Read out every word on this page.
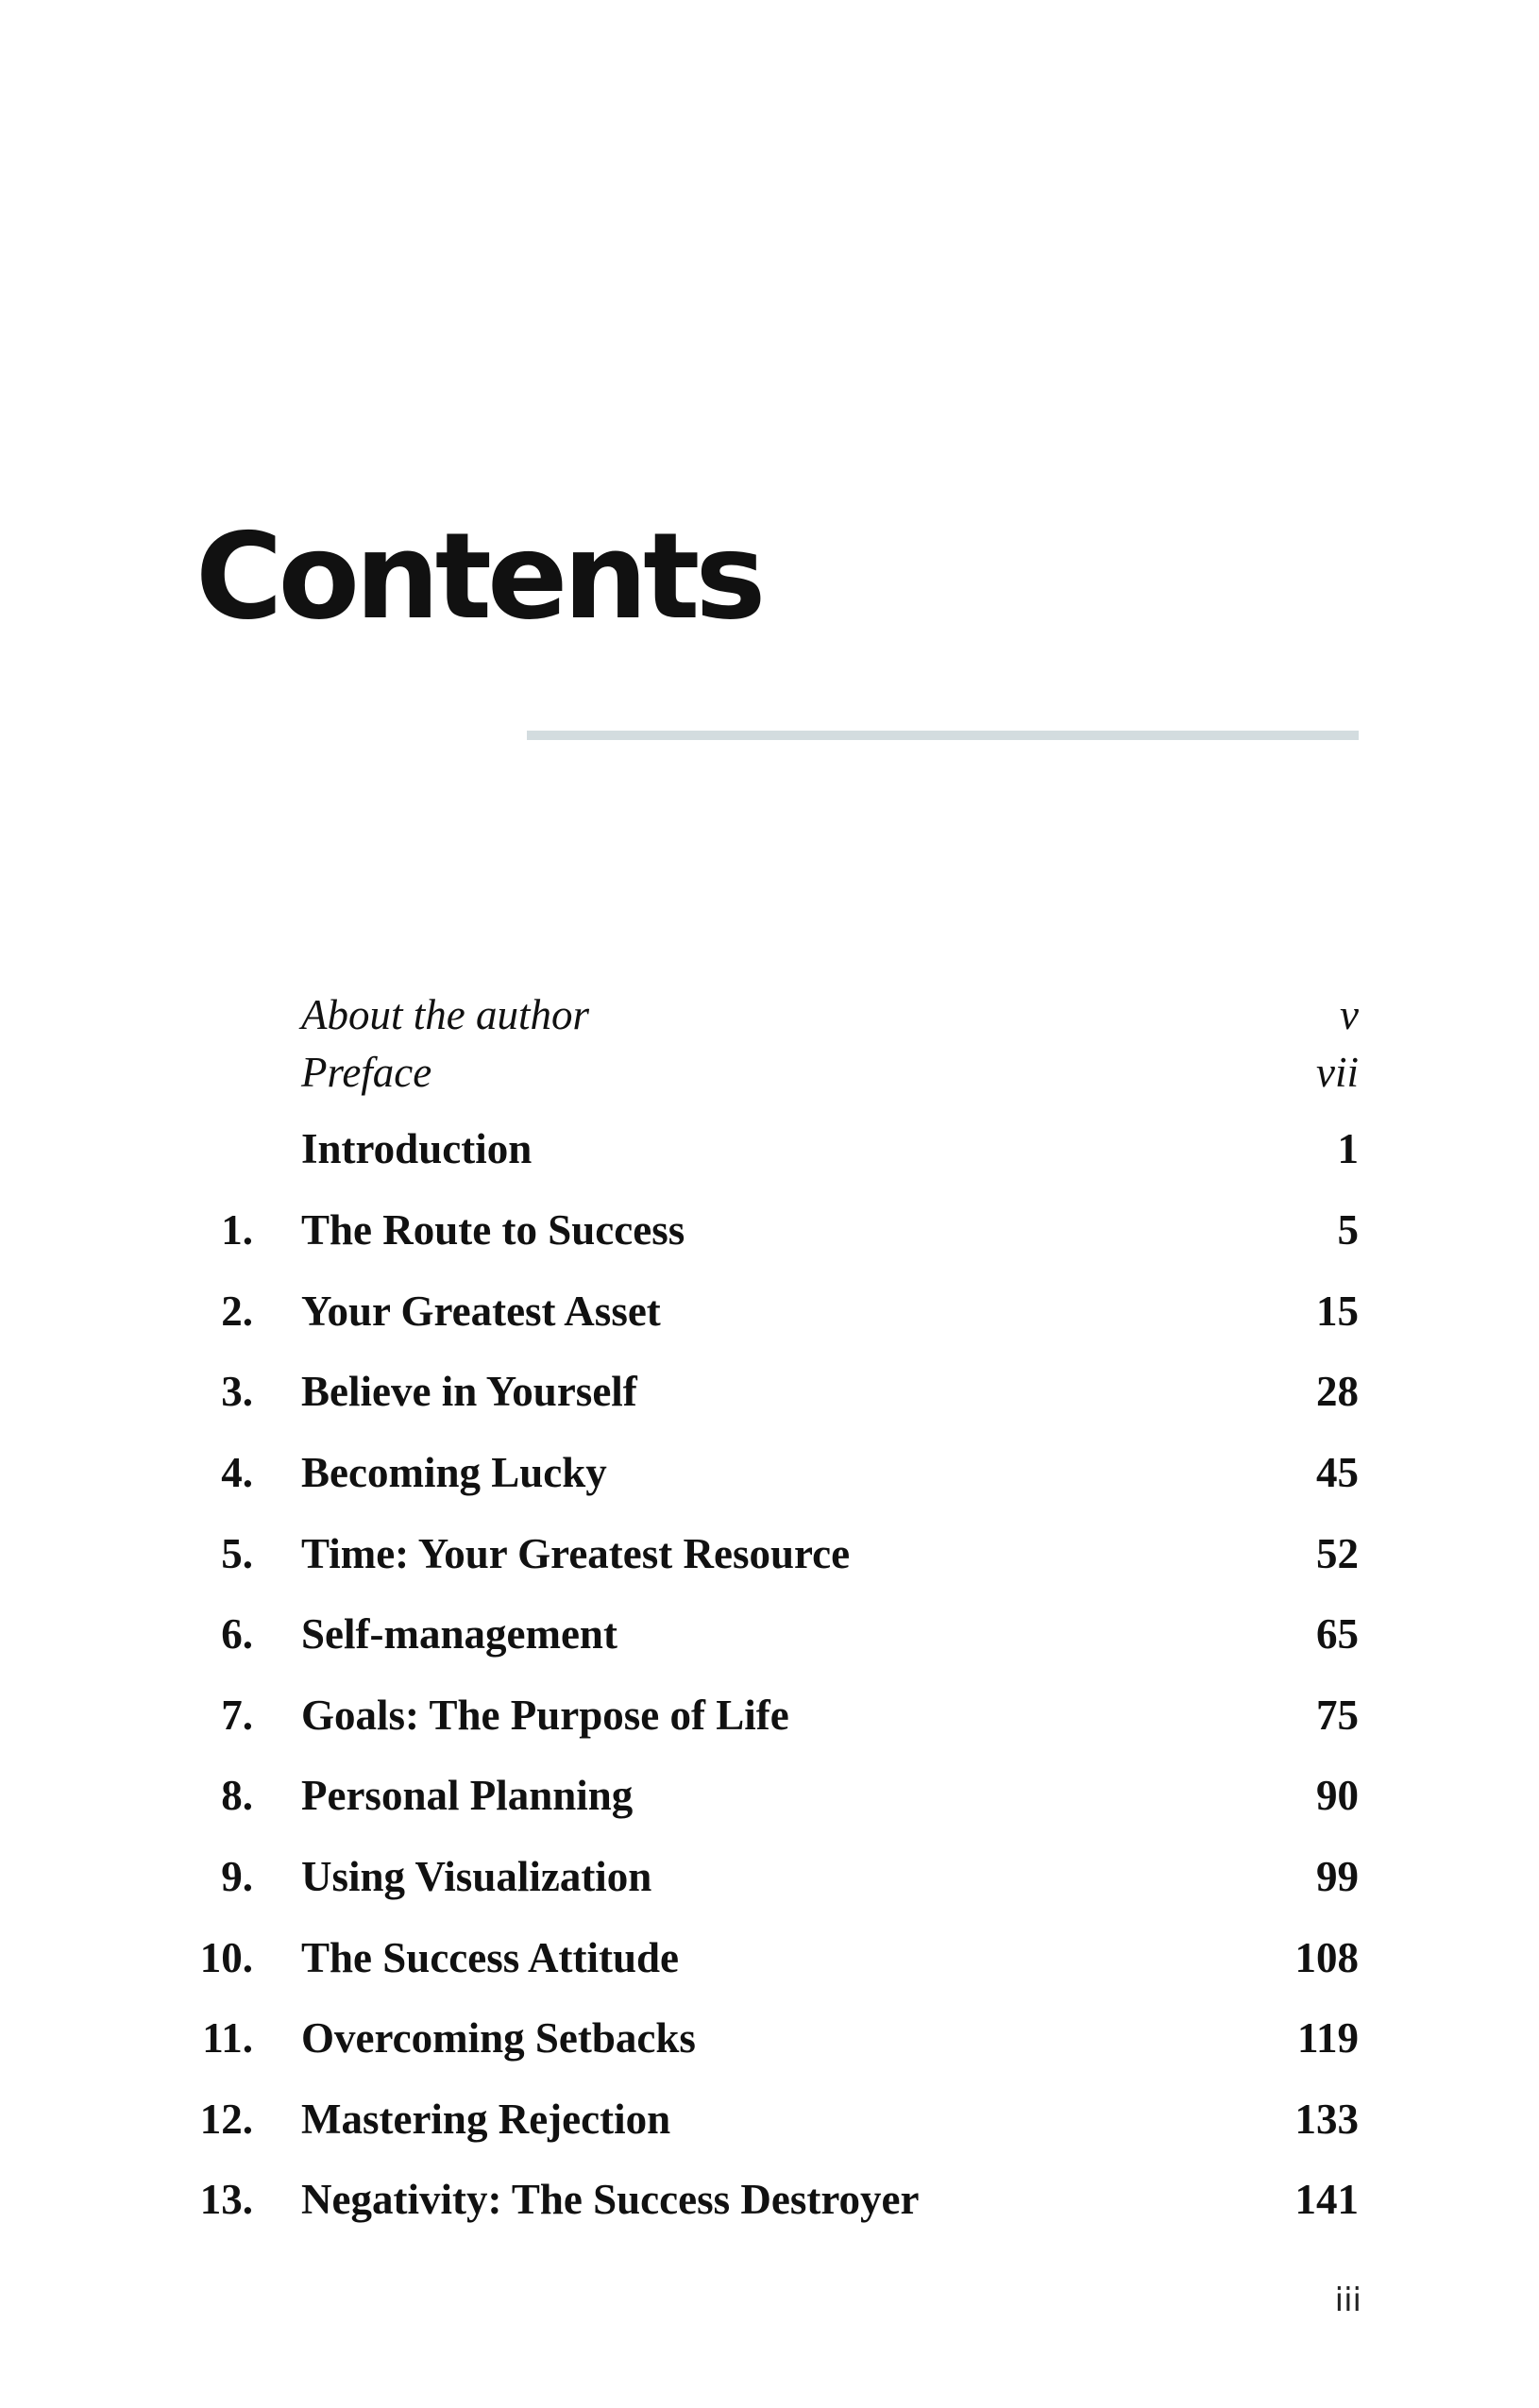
Contents
About the author	v
Preface	vii
Introduction	1
1. The Route to Success	5
2. Your Greatest Asset	15
3. Believe in Yourself	28
4. Becoming Lucky	45
5. Time: Your Greatest Resource	52
6. Self-management	65
7. Goals: The Purpose of Life	75
8. Personal Planning	90
9. Using Visualization	99
10. The Success Attitude	108
11. Overcoming Setbacks	119
12. Mastering Rejection	133
13. Negativity: The Success Destroyer	141
iii
